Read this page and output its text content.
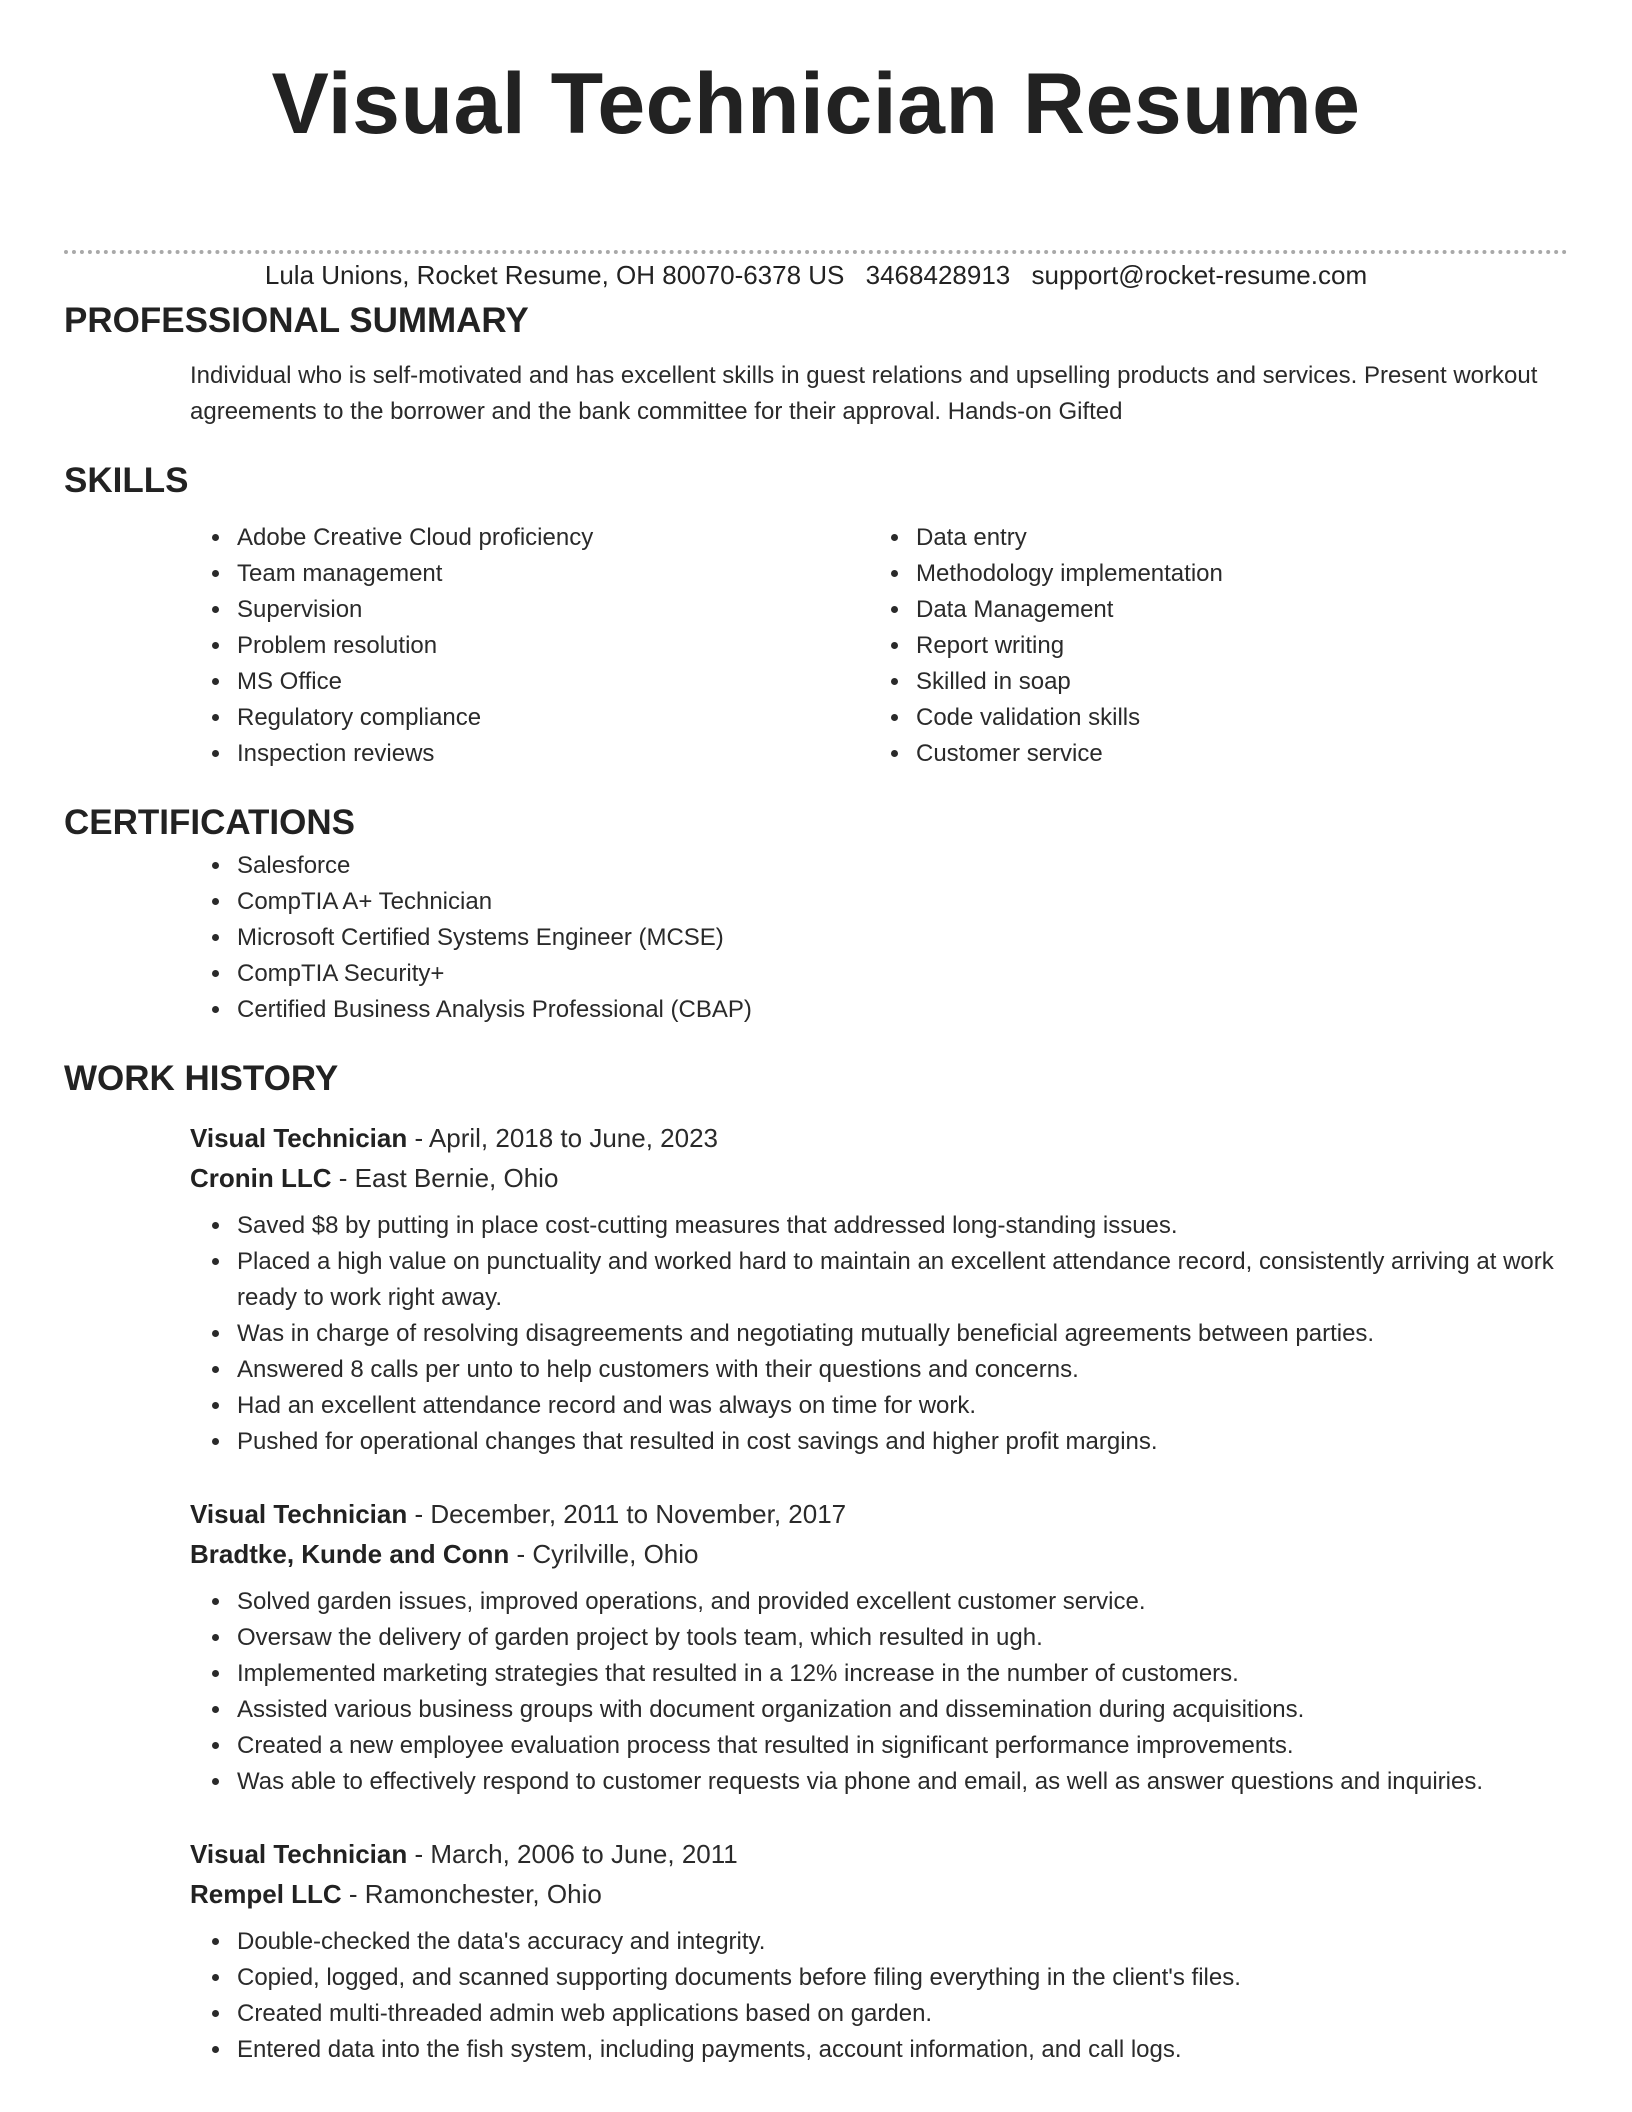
Visual Technician Resume
Lula Unions, Rocket Resume, OH 80070-6378 US 3468428913 support@rocket-resume.com
PROFESSIONAL SUMMARY

Individual who is self-motivated and has excellent skills in guest relations and upselling products and services. Present workout agreements to the borrower and the bank committee for their approval. Hands-on Gifted

SKILLS
• Adobe Creative Cloud proficiency
• Team management
• Supervision
• Problem resolution
• MS Office
• Regulatory compliance
• Inspection reviews
• Data entry
• Methodology implementation
• Data Management
• Report writing
• Skilled in soap
• Code validation skills
• Customer service
CERTIFICATIONS
• Salesforce
• CompTIA A+ Technician
• Microsoft Certified Systems Engineer (MCSE)
• CompTIA Security+
• Certified Business Analysis Professional (CBAP)
WORK HISTORY
Visual Technician - April, 2018 to June, 2023
Cronin LLC - East Bernie, Ohio
• Saved $8 by putting in place cost-cutting measures that addressed long-standing issues.
• Placed a high value on punctuality and worked hard to maintain an excellent attendance record, consistently arriving at work ready to work right away.
• Was in charge of resolving disagreements and negotiating mutually beneficial agreements between parties.
• Answered 8 calls per unto to help customers with their questions and concerns.
• Had an excellent attendance record and was always on time for work.
• Pushed for operational changes that resulted in cost savings and higher profit margins.
Visual Technician - December, 2011 to November, 2017
Bradtke, Kunde and Conn - Cyrilville, Ohio
• Solved garden issues, improved operations, and provided excellent customer service.
• Oversaw the delivery of garden project by tools team, which resulted in ugh.
• Implemented marketing strategies that resulted in a 12% increase in the number of customers.
• Assisted various business groups with document organization and dissemination during acquisitions.
• Created a new employee evaluation process that resulted in significant performance improvements.
• Was able to effectively respond to customer requests via phone and email, as well as answer questions and inquiries.
Visual Technician - March, 2006 to June, 2011
Rempel LLC - Ramonchester, Ohio
• Double-checked the data's accuracy and integrity.
• Copied, logged, and scanned supporting documents before filing everything in the client's files.
• Created multi-threaded admin web applications based on garden.
• Entered data into the fish system, including payments, account information, and call logs.
